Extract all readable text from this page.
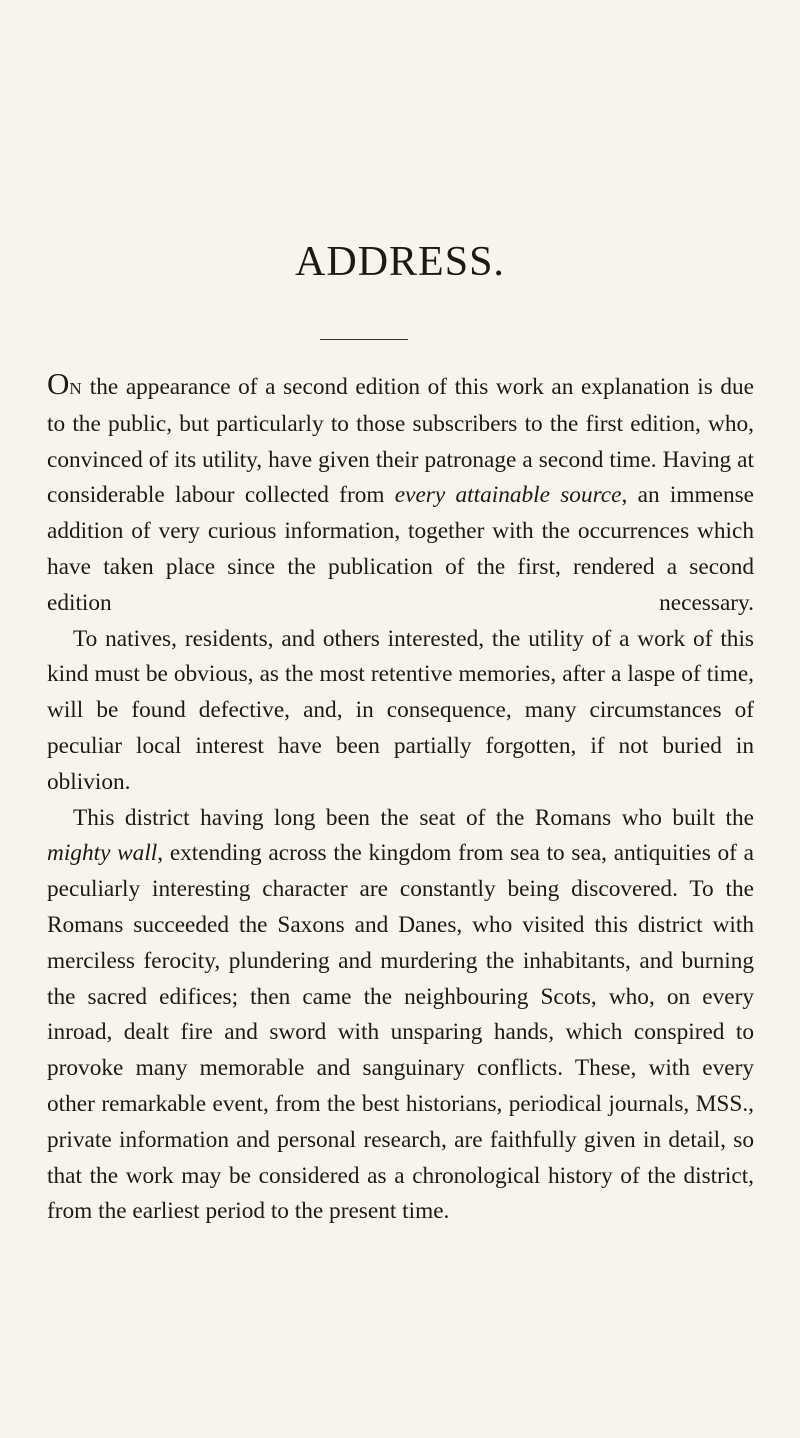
ADDRESS.

ON the appearance of a second edition of this work an explanation is due to the public, but particularly to those subscribers to the first edition, who, convinced of its utility, have given their patronage a second time. Having at considerable labour collected from every attainable source, an immense addition of very curious information, together with the occurrences which have taken place since the publication of the first, rendered a second edition necessary.

To natives, residents, and others interested, the utility of a work of this kind must be obvious, as the most retentive memories, after a laspe of time, will be found defective, and, in consequence, many circumstances of peculiar local interest have been partially forgotten, if not buried in oblivion.

This district having long been the seat of the Romans who built the mighty wall, extending across the kingdom from sea to sea, antiquities of a peculiarly interesting character are constantly being discovered. To the Romans succeeded the Saxons and Danes, who visited this district with merciless ferocity, plundering and murdering the inhabitants, and burning the sacred edifices; then came the neighbouring Scots, who, on every inroad, dealt fire and sword with unsparing hands, which conspired to provoke many memorable and sanguinary conflicts. These, with every other remarkable event, from the best historians, periodical journals, MSS., private information and personal research, are faithfully given in detail, so that the work may be considered as a chronological history of the district, from the earliest period to the present time.
